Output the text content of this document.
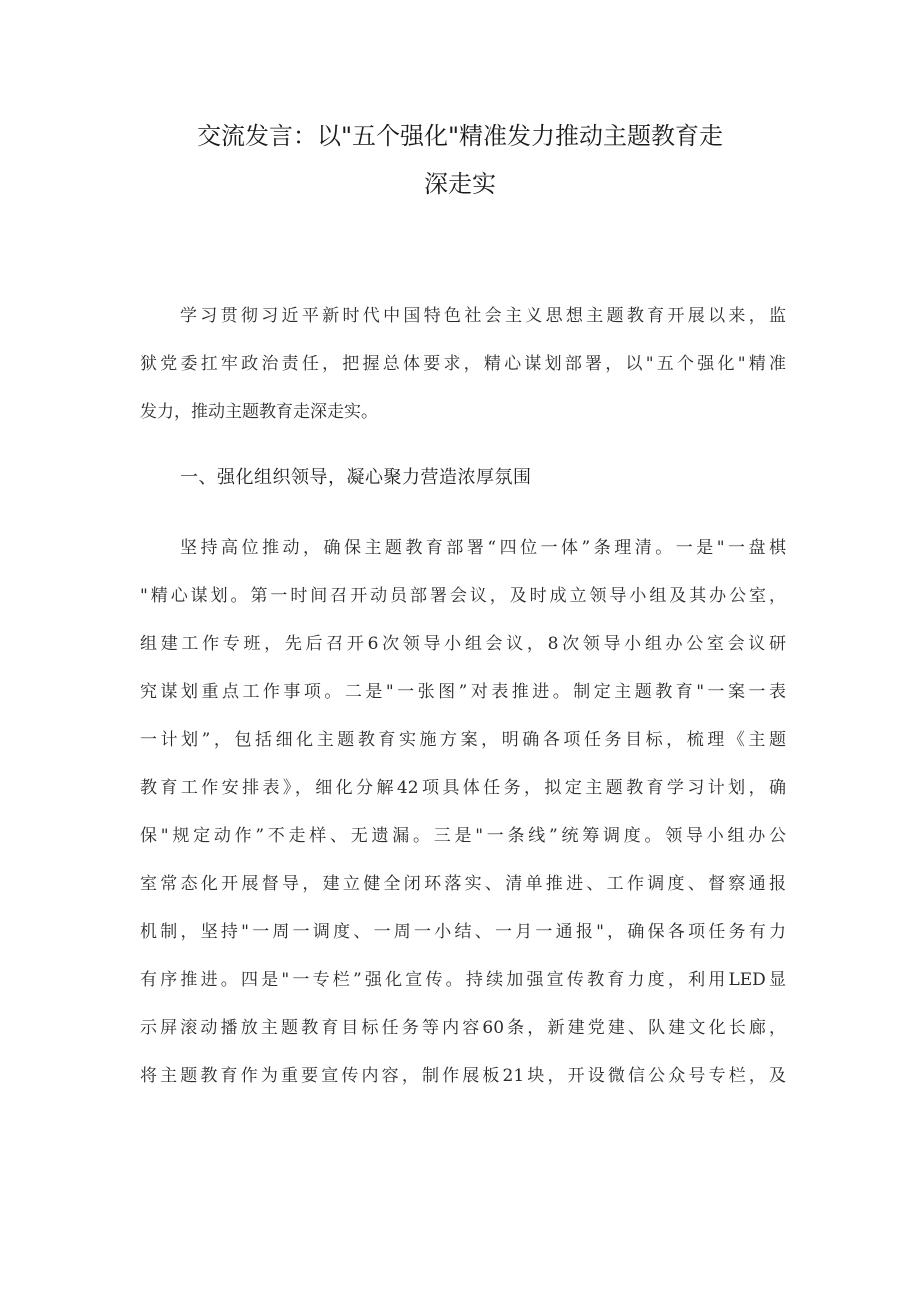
交流发言：以"五个强化"精准发力推动主题教育走
深走实
学习贯彻习近平新时代中国特色社会主义思想主题教育开展以来，监
狱党委扛牢政治责任，把握总体要求，精心谋划部署，以"五个强化"精准
发力，推动主题教育走深走实。
一、强化组织领导，凝心聚力营造浓厚氛围
坚持高位推动，确保主题教育部署“四位一体”条理清。一是"一盘棋
"精心谋划。第一时间召开动员部署会议，及时成立领导小组及其办公室，
组建工作专班，先后召开6次领导小组会议，8次领导小组办公室会议研
究谋划重点工作事项。二是"一张图”对表推进。制定主题教育"一案一表
一计划”，包括细化主题教育实施方案，明确各项任务目标，梳理《主题
教育工作安排表》，细化分解42项具体任务，拟定主题教育学习计划，确
保"规定动作”不走样、无遗漏。三是"一条线”统筹调度。领导小组办公
室常态化开展督导，建立健全闭环落实、清单推进、工作调度、督察通报
机制，坚持"一周一调度、一周一小结、一月一通报"，确保各项任务有力
有序推进。四是"一专栏”强化宣传。持续加强宣传教育力度，利用LED显
示屏滚动播放主题教育目标任务等内容60条，新建党建、队建文化长廊，
将主题教育作为重要宣传内容，制作展板21块，开设微信公众号专栏，及
